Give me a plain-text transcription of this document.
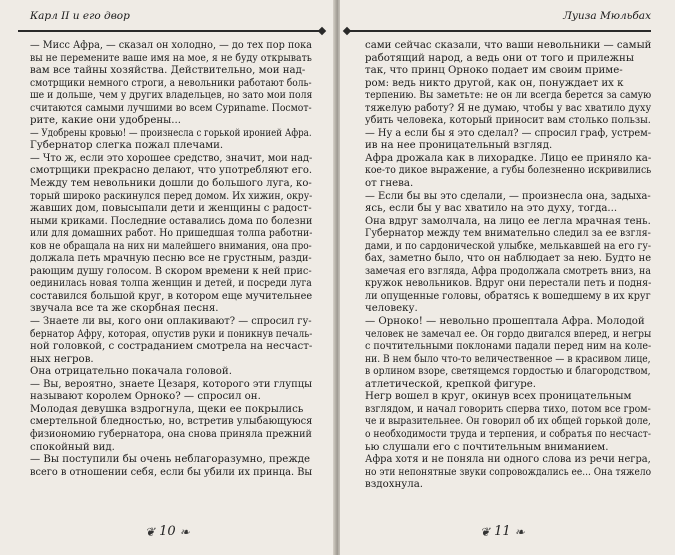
Карл II и его двор
— Мисс Афра, — сказал он холодно, — до тех пор пока
вы не перемените ваше имя на мое, я не буду открывать
вам все тайны хозяйства. Действительно, мои над-
смотрщики немного строги, а невольники работают боль-
ше и дольше, чем у других владельцев, но зато мои поля
считаются самыми лучшими во всем Суриname. Посмот-
рите, какие они удобрены...
— Удобрены кровью! — произнесла с горькой иронией Афра.
Губернатор слегка пожал плечами.
— Что ж, если это хорошее средство, значит, мои над-
смотрщики прекрасно делают, что употребляют его.
Между тем невольники дошли до большого луга, ко-
торый широко раскинулся перед домом. Их хижин, окру-
жавших дом, повысыпали дети и женщины с радост-
ными криками. Последние оставались дома по болезни
или для домашних работ. Но пришедшая толпа работни-
ков не обращала на них ни малейшего внимания, она про-
должала петь мрачную песню все не грустным, разди-
рающим душу голосом. В скором времени к ней прис-
оединилась новая толпа женщин и детей, и посреди луга
составился большой круг, в котором еще мучительнее
звучала все та же скорбная песня.
— Знаете ли вы, кого они оплакивают? — спросил гу-
бернатор Афру, которая, опустив руки и поникнув печаль-
ной головкой, с состраданием смотрела на несчаст-
ных негров.
Она отрицательно покачала головой.
— Вы, вероятно, знаете Цезаря, которого эти глупцы
называют королем Орноко? — спросил он.
Молодая девушка вздрогнула, щеки ее покрылись
смертельной бледностью, но, встретив улыбающуюся
физиономию губернатора, она снова приняла прежний
спокойный вид.
— Вы поступили бы очень неблагоразумно, прежде
всего в отношении себя, если бы убили их принца. Вы
❦ 10 ❧
Луиза Мюльбах
сами сейчас сказали, что ваши невольники — самый
работящий народ, а ведь они от того и прилежны
так, что принц Орноко подает им своим приме-
ром: ведь никто другой, как он, понуждает их к
терпению. Вы заметьте: не он ли всегда берется за самую
тяжелую работу? Я не думаю, чтобы у вас хватило духу
убить человека, который приносит вам столько пользы.
— Ну а если бы я это сделал? — спросил граф, устрем-
ив на нее проницательный взгляд.
Афра дрожала как в лихорадке. Лицо ее приняло ка-
кое-то дикое выражение, а губы болезненно искривились
от гнева.
— Если бы вы это сделали, — произнесла она, задыха-
ясь, если бы у вас хватило на это духу, тогда...
Она вдруг замолчала, на лицо ее легла мрачная тень.
Губернатор между тем внимательно следил за ее взгля-
дами, и по сардонической улыбке, мелькавшей на его гу-
бах, заметно было, что он наблюдает за нею. Будто не
замечая его взгляда, Афра продолжала смотреть вниз, на
кружок невольников. Вдруг они перестали петь и подня-
ли опущенные головы, обратясь к вошедшему в их круг
человеку.
— Орноко! — невольно прошептала Афра. Молодой
человек не замечал ее. Он гордо двигался вперед, и негры
с почтительными поклонами падали перед ним на коле-
ни. В нем было что-то величественное — в красивом лице,
в орлином взоре, светящемся гордостью и благородством,
атлетической, крепкой фигуре.
Негр вошел в круг, окинув всех проницательным
взглядом, и начал говорить сперва тихо, потом все гром-
че и выразительнее. Он говорил об их общей горькой доле,
о необходимости труда и терпения, и собратья по несчаст-
ью слушали его с почтительным вниманием.
Афра хотя и не поняла ни одного слова из речи негра,
но эти непонятные звуки сопровождались ее... Она тяжело
вздохнула.
❦ 11 ❧
